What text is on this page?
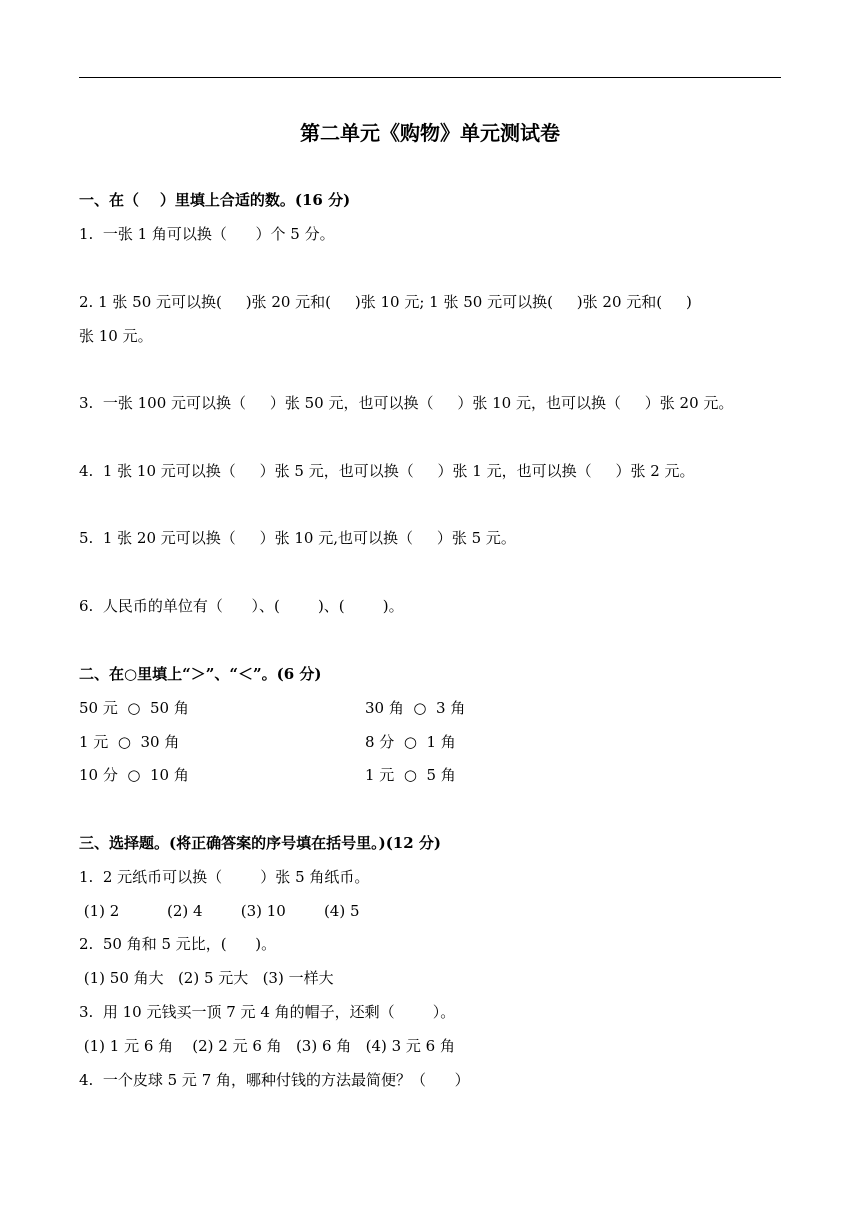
第二单元《购物》单元测试卷
一、在（    ）里填上合适的数。(16 分)
1.  一张 1 角可以换（      ）个 5 分。
2. 1 张 50 元可以换(     )张 20 元和(     )张 10 元; 1 张 50 元可以换(     )张 20 元和(     )
张 10 元。
3.  一张 100 元可以换（     ）张 50 元，也可以换（     ）张 10 元，也可以换（     ）张 20 元。
4.  1 张 10 元可以换（     ）张 5 元，也可以换（     ）张 1 元，也可以换（     ）张 2 元。
5.  1 张 20 元可以换（     ）张 10 元,也可以换（     ）张 5 元。
6.  人民币的单位有（      ）、(        )、(        )。
二、在○里填上“＞”、“＜”。(6 分)
50 元  ○  50 角	30 角  ○  3 角
1 元  ○  30 角	8 分  ○  1 角
10 分  ○  10 角	1 元  ○  5 角
三、选择题。(将正确答案的序号填在括号里。)(12 分)
1.  2 元纸币可以换（        ）张 5 角纸币。
(1) 2          (2) 4        (3) 10        (4) 5
2.  50 角和 5 元比，(      )。
(1) 50 角大   (2) 5 元大   (3) 一样大
3.  用 10 元钱买一顶 7 元 4 角的帽子，还剩（        ）。
(1) 1 元 6 角    (2) 2 元 6 角   (3) 6 角   (4) 3 元 6 角
4.  一个皮球 5 元 7 角，哪种付钱的方法最简便？（      ）
